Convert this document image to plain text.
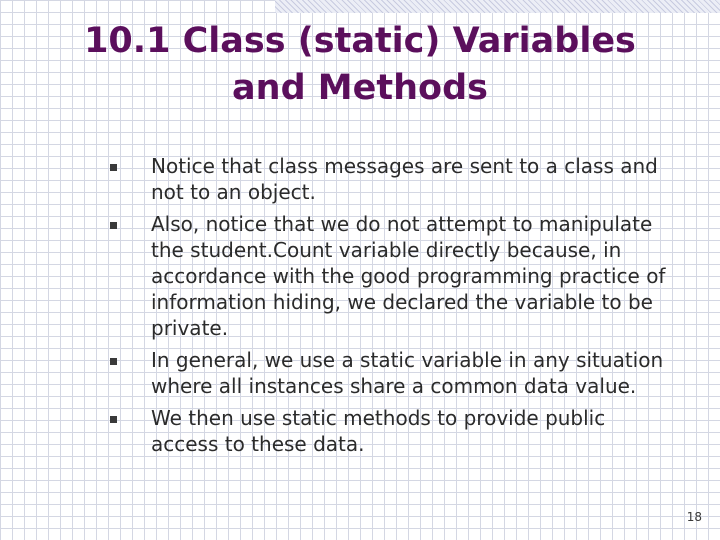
10.1 Class (static) Variables
and Methods
Notice that class messages are sent to a class and not to an object.
Also, notice that we do not attempt to manipulate the student.Count variable directly because, in accordance with the good programming practice of information hiding, we declared the variable to be private.
In general, we use a static variable in any situation where all instances share a common data value.
We then use static methods to provide public access to these data.
18
